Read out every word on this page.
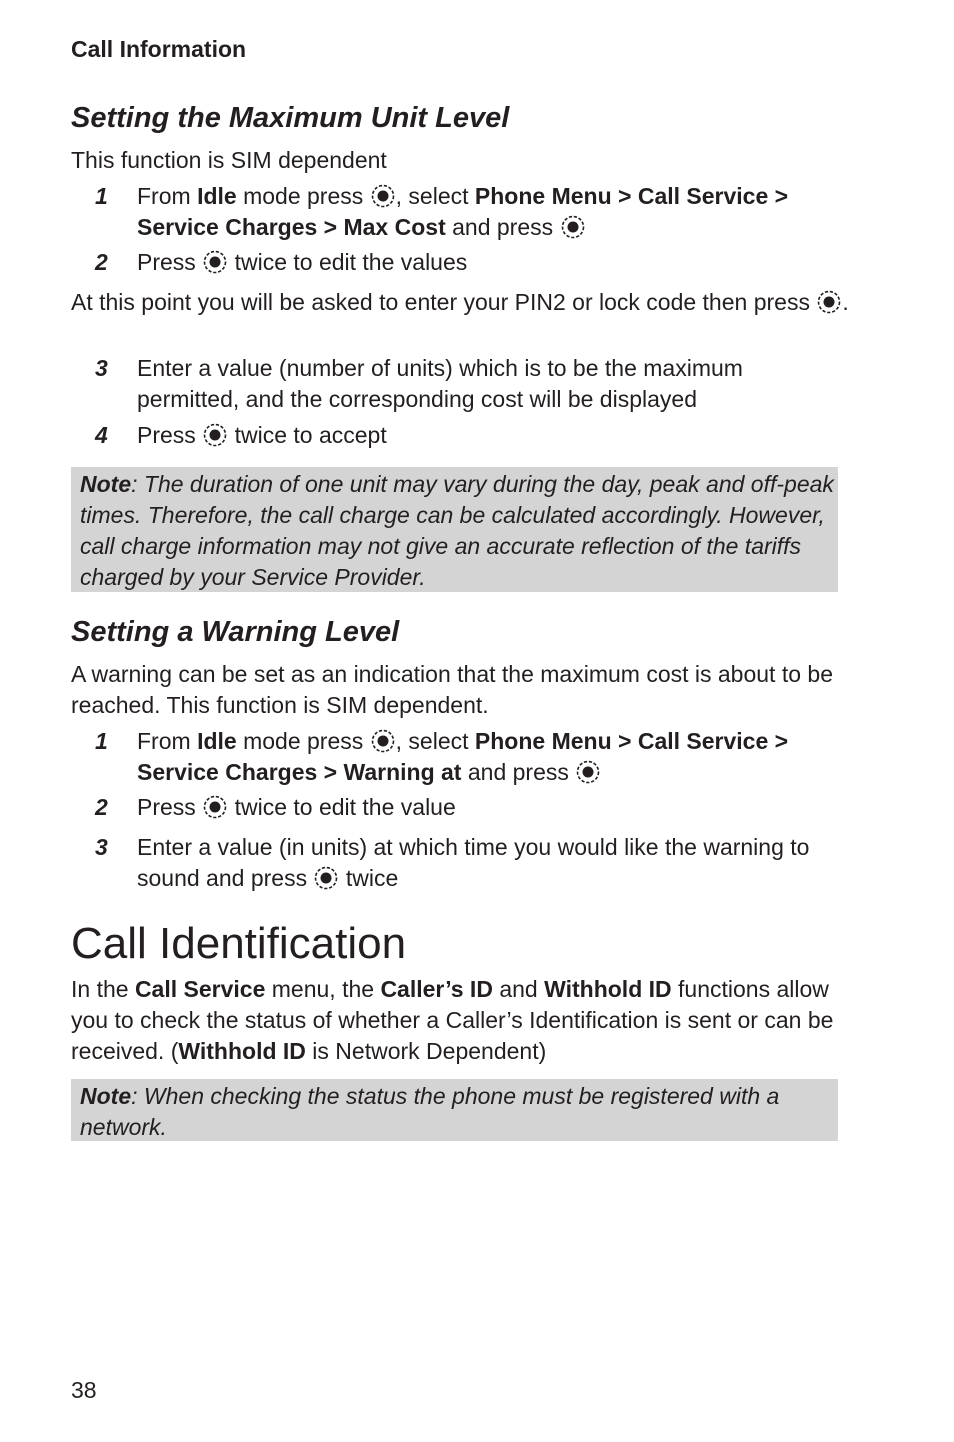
Call Information
Setting the Maximum Unit Level
This function is SIM dependent
1 From Idle mode press , select Phone Menu > Call Service > Service Charges > Max Cost and press
2 Press  twice to edit the values
At this point you will be asked to enter your PIN2 or lock code then press .
3 Enter a value (number of units) which is to be the maximum permitted, and the corresponding cost will be displayed
4 Press  twice to accept
Note: The duration of one unit may vary during the day, peak and off-peak times. Therefore, the call charge can be calculated accordingly. However, call charge information may not give an accurate reflection of the tariffs charged by your Service Provider.
Setting a Warning Level
A warning can be set as an indication that the maximum cost is about to be reached. This function is SIM dependent.
1 From Idle mode press , select Phone Menu > Call Service > Service Charges > Warning at and press
2 Press  twice to edit the value
3 Enter a value (in units) at which time you would like the warning to sound and press  twice
Call Identification
In the Call Service menu, the Caller’s ID and Withhold ID functions allow you to check the status of whether a Caller’s Identification is sent or can be received. (Withhold ID is Network Dependent)
Note: When checking the status the phone must be registered with a network.
38
